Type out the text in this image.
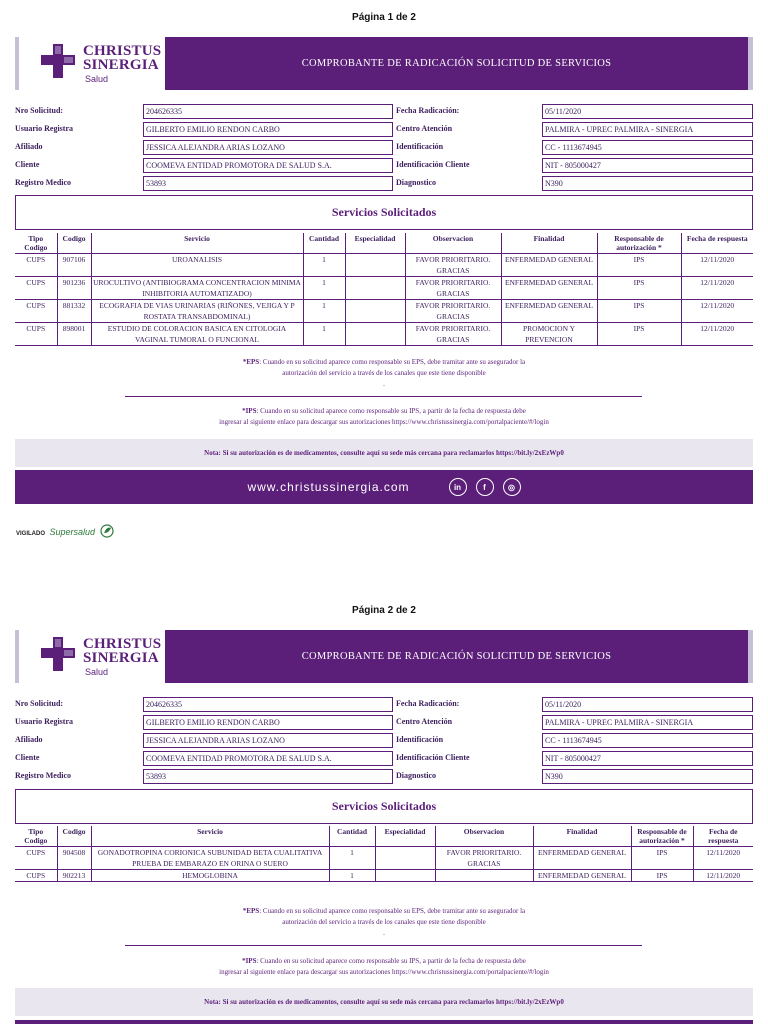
Página 1 de 2
CHRISTUS
SINERGIA
Salud
COMPROBANTE DE RADICACIÓN SOLICITUD DE SERVICIOS
Nro Solicitud:	204626335	Fecha Radicación:	05/11/2020
Usuario Registra	GILBERTO EMILIO RENDON CARBO	Centro Atención	PALMIRA - UPREC PALMIRA - SINERGIA
Afiliado	JESSICA ALEJANDRA ARIAS LOZANO	Identificación	CC - 1113674945
Cliente	COOMEVA ENTIDAD PROMOTORA DE SALUD S.A.	Identificación Cliente	NIT - 805000427
Registro Medico	53893	Diagnostico	N390
Servicios Solicitados
Tipo Codigo	Codigo	Servicio	Cantidad	Especialidad	Observacion	Finalidad	Responsable de autorización *	Fecha de respuesta
CUPS	907106	UROANALISIS	1		FAVOR PRIORITARIO. GRACIAS	ENFERMEDAD GENERAL	IPS	12/11/2020
CUPS	901236	UROCULTIVO (ANTIBIOGRAMA CONCENTRACION MINIMA INHIBITORIA AUTOMATIZADO)	1		FAVOR PRIORITARIO. GRACIAS	ENFERMEDAD GENERAL	IPS	12/11/2020
CUPS	881332	ECOGRAFIA DE VIAS URINARIAS (RIÑONES, VEJIGA Y P ROSTATA TRANSABDOMINAL)	1		FAVOR PRIORITARIO. GRACIAS	ENFERMEDAD GENERAL	IPS	12/11/2020
CUPS	898001	ESTUDIO DE COLORACION BASICA EN CITOLOGIA VAGINAL TUMORAL O FUNCIONAL	1		FAVOR PRIORITARIO. GRACIAS	PROMOCION Y PREVENCION	IPS	12/11/2020
*EPS: Cuando en su solicitud aparece como responsable su EPS, debe tramitar ante su asegurador la
autorización del servicio a través de los canales que este tiene disponible
.
*IPS: Cuando en su solicitud aparece como responsable su IPS, a partir de la fecha de respuesta debe
ingresar al siguiente enlace para descargar sus autorizaciones https://www.christussinergia.com/portalpaciente/#/login
Nota: Si su autorización es de medicamentos, consulte aquí su sede más cercana para reclamarlos https://bit.ly/2xEzWp0
www.christussinergia.com	in	f	◎
VIGILADO Supersalud
Página 2 de 2
CHRISTUS
SINERGIA
Salud
COMPROBANTE DE RADICACIÓN SOLICITUD DE SERVICIOS
Nro Solicitud:	204626335	Fecha Radicación:	05/11/2020
Usuario Registra	GILBERTO EMILIO RENDON CARBO	Centro Atención	PALMIRA - UPREC PALMIRA - SINERGIA
Afiliado	JESSICA ALEJANDRA ARIAS LOZANO	Identificación	CC - 1113674945
Cliente	COOMEVA ENTIDAD PROMOTORA DE SALUD S.A.	Identificación Cliente	NIT - 805000427
Registro Medico	53893	Diagnostico	N390
Servicios Solicitados
Tipo Codigo	Codigo	Servicio	Cantidad	Especialidad	Observacion	Finalidad	Responsable de autorización *	Fecha de respuesta
CUPS	904508	GONADOTROPINA CORIONICA SUBUNIDAD BETA CUALITATIVA PRUEBA DE EMBARAZO EN ORINA O SUERO	1		FAVOR PRIORITARIO. GRACIAS	ENFERMEDAD GENERAL	IPS	12/11/2020
CUPS	902213	HEMOGLOBINA	1			ENFERMEDAD GENERAL	IPS	12/11/2020
*EPS: Cuando en su solicitud aparece como responsable su EPS, debe tramitar ante su asegurador la
autorización del servicio a través de los canales que este tiene disponible
.
*IPS: Cuando en su solicitud aparece como responsable su IPS, a partir de la fecha de respuesta debe
ingresar al siguiente enlace para descargar sus autorizaciones https://www.christussinergia.com/portalpaciente/#/login
Nota: Si su autorización es de medicamentos, consulte aquí su sede más cercana para reclamarlos https://bit.ly/2xEzWp0
